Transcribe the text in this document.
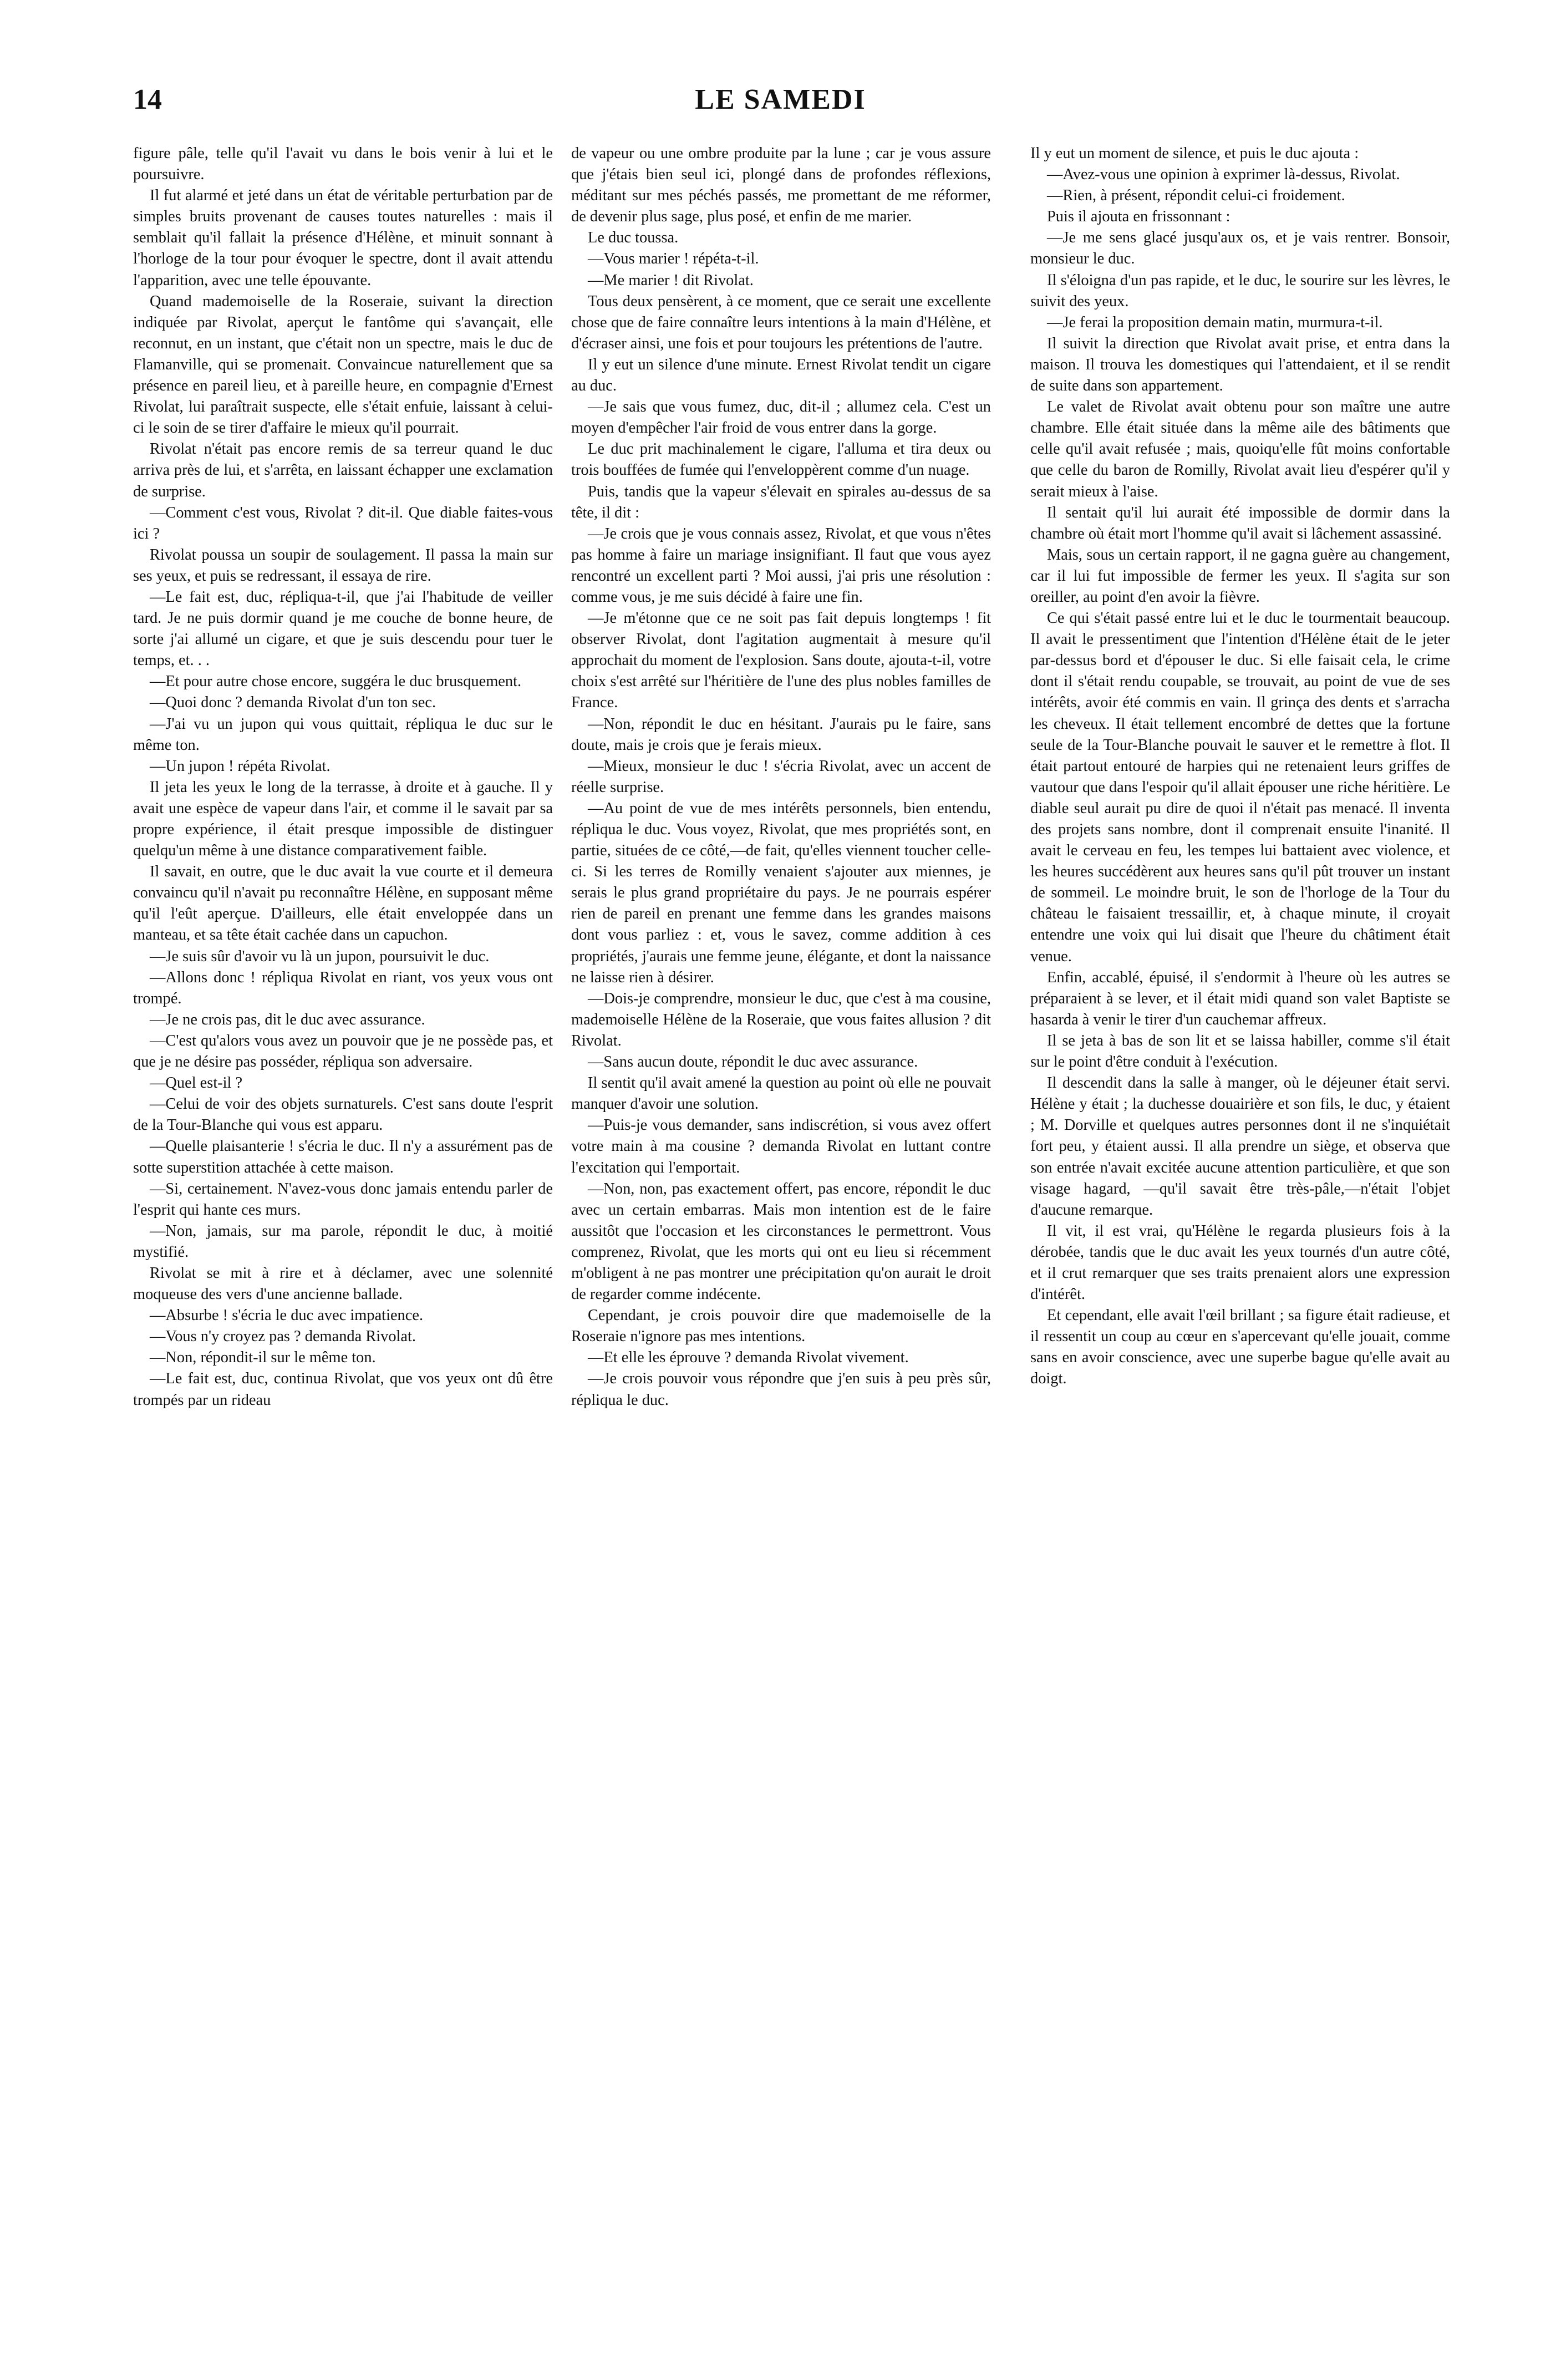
14	LE SAMEDI

figure pâle, telle qu'il l'avait vu dans le bois venir à lui et le poursuivre.

Il fut alarmé et jeté dans un état de véritable perturbation par de simples bruits provenant de causes toutes naturelles : mais il semblait qu'il fallait la présence d'Hélène, et minuit sonnant à l'horloge de la tour pour évoquer le spectre, dont il avait attendu l'apparition, avec une telle épouvante.

Quand mademoiselle de la Roseraie, suivant la direction indiquée par Rivolat, aperçut le fantôme qui s'avançait, elle reconnut, en un instant, que c'était non un spectre, mais le duc de Flamanville, qui se promenait. Convaincue naturellement que sa présence en pareil lieu, et à pareille heure, en compagnie d'Ernest Rivolat, lui paraîtrait suspecte, elle s'était enfuie, laissant à celui-ci le soin de se tirer d'affaire le mieux qu'il pourrait.

Rivolat n'était pas encore remis de sa terreur quand le duc arriva près de lui, et s'arrêta, en laissant échapper une exclamation de surprise.

—Comment c'est vous, Rivolat ? dit-il. Que diable faites-vous ici ?

Rivolat poussa un soupir de soulagement. Il passa la main sur ses yeux, et puis se redressant, il essaya de rire.

—Le fait est, duc, répliqua-t-il, que j'ai l'habitude de veiller tard. Je ne puis dormir quand je me couche de bonne heure, de sorte j'ai allumé un cigare, et que je suis descendu pour tuer le temps, et. . .

—Et pour autre chose encore, suggéra le duc brusquement.

—Quoi donc ? demanda Rivolat d'un ton sec.

—J'ai vu un jupon qui vous quittait, répliqua le duc sur le même ton.

—Un jupon ! répéta Rivolat.

Il jeta les yeux le long de la terrasse, à droite et à gauche. Il y avait une espèce de vapeur dans l'air, et comme il le savait par sa propre expérience, il était presque impossible de distinguer quelqu'un même à une distance comparativement faible.

Il savait, en outre, que le duc avait la vue courte et il demeura convaincu qu'il n'avait pu reconnaître Hélène, en supposant même qu'il l'eût aperçue. D'ailleurs, elle était enveloppée dans un manteau, et sa tête était cachée dans un capuchon.

—Je suis sûr d'avoir vu là un jupon, poursuivit le duc.

—Allons donc ! répliqua Rivolat en riant, vos yeux vous ont trompé.

—Je ne crois pas, dit le duc avec assurance.

—C'est qu'alors vous avez un pouvoir que je ne possède pas, et que je ne désire pas posséder, répliqua son adversaire.

—Quel est-il ?

—Celui de voir des objets surnaturels. C'est sans doute l'esprit de la Tour-Blanche qui vous est apparu.

—Quelle plaisanterie ! s'écria le duc. Il n'y a assurément pas de sotte superstition attachée à cette maison.

—Si, certainement. N'avez-vous donc jamais entendu parler de l'esprit qui hante ces murs.

—Non, jamais, sur ma parole, répondit le duc, à moitié mystifié.

Rivolat se mit à rire et à déclamer, avec une solennité moqueuse des vers d'une ancienne ballade.

—Absurbe ! s'écria le duc avec impatience.

—Vous n'y croyez pas ? demanda Rivolat.

—Non, répondit-il sur le même ton.

—Le fait est, duc, continua Rivolat, que vos yeux ont dû être trompés par un rideau

de vapeur ou une ombre produite par la lune ; car je vous assure que j'étais bien seul ici, plongé dans de profondes réflexions, méditant sur mes péchés passés, me promettant de me réformer, de devenir plus sage, plus posé, et enfin de me marier.

Le duc toussa.

—Vous marier ! répéta-t-il.

—Me marier ! dit Rivolat.

Tous deux pensèrent, à ce moment, que ce serait une excellente chose que de faire connaître leurs intentions à la main d'Hélène, et d'écraser ainsi, une fois et pour toujours les prétentions de l'autre.

Il y eut un silence d'une minute. Ernest Rivolat tendit un cigare au duc.

—Je sais que vous fumez, duc, dit-il ; allumez cela. C'est un moyen d'empêcher l'air froid de vous entrer dans la gorge.

Le duc prit machinalement le cigare, l'alluma et tira deux ou trois bouffées de fumée qui l'enveloppèrent comme d'un nuage.

Puis, tandis que la vapeur s'élevait en spirales au-dessus de sa tête, il dit :

—Je crois que je vous connais assez, Rivolat, et que vous n'êtes pas homme à faire un mariage insignifiant. Il faut que vous ayez rencontré un excellent parti ? Moi aussi, j'ai pris une résolution : comme vous, je me suis décidé à faire une fin.

—Je m'étonne que ce ne soit pas fait depuis longtemps ! fit observer Rivolat, dont l'agitation augmentait à mesure qu'il approchait du moment de l'explosion. Sans doute, ajouta-t-il, votre choix s'est arrêté sur l'héritière de l'une des plus nobles familles de France.

—Non, répondit le duc en hésitant. J'aurais pu le faire, sans doute, mais je crois que je ferais mieux.

—Mieux, monsieur le duc ! s'écria Rivolat, avec un accent de réelle surprise.

—Au point de vue de mes intérêts personnels, bien entendu, répliqua le duc. Vous voyez, Rivolat, que mes propriétés sont, en partie, situées de ce côté,—de fait, qu'elles viennent toucher celle-ci. Si les terres de Romilly venaient s'ajouter aux miennes, je serais le plus grand propriétaire du pays. Je ne pourrais espérer rien de pareil en prenant une femme dans les grandes maisons dont vous parliez : et, vous le savez, comme addition à ces propriétés, j'aurais une femme jeune, élégante, et dont la naissance ne laisse rien à désirer.

—Dois-je comprendre, monsieur le duc, que c'est à ma cousine, mademoiselle Hélène de la Roseraie, que vous faites allusion ? dit Rivolat.

—Sans aucun doute, répondit le duc avec assurance.

Il sentit qu'il avait amené la question au point où elle ne pouvait manquer d'avoir une solution.

—Puis-je vous demander, sans indiscrétion, si vous avez offert votre main à ma cousine ? demanda Rivolat en luttant contre l'excitation qui l'emportait.

—Non, non, pas exactement offert, pas encore, répondit le duc avec un certain embarras. Mais mon intention est de le faire aussitôt que l'occasion et les circonstances le permettront. Vous comprenez, Rivolat, que les morts qui ont eu lieu si récemment m'obligent à ne pas montrer une précipitation qu'on aurait le droit de regarder comme indécente.

Cependant, je crois pouvoir dire que mademoiselle de la Roseraie n'ignore pas mes intentions.

—Et elle les éprouve ? demanda Rivolat vivement.

—Je crois pouvoir vous répondre que j'en suis à peu près sûr, répliqua le duc.

Il y eut un moment de silence, et puis le duc ajouta :

—Avez-vous une opinion à exprimer là-dessus, Rivolat.

—Rien, à présent, répondit celui-ci froidement.

Puis il ajouta en frissonnant :

—Je me sens glacé jusqu'aux os, et je vais rentrer. Bonsoir, monsieur le duc.

Il s'éloigna d'un pas rapide, et le duc, le sourire sur les lèvres, le suivit des yeux.

—Je ferai la proposition demain matin, murmura-t-il.

Il suivit la direction que Rivolat avait prise, et entra dans la maison. Il trouva les domestiques qui l'attendaient, et il se rendit de suite dans son appartement.

Le valet de Rivolat avait obtenu pour son maître une autre chambre. Elle était située dans la même aile des bâtiments que celle qu'il avait refusée ; mais, quoiqu'elle fût moins confortable que celle du baron de Romilly, Rivolat avait lieu d'espérer qu'il y serait mieux à l'aise.

Il sentait qu'il lui aurait été impossible de dormir dans la chambre où était mort l'homme qu'il avait si lâchement assassiné.

Mais, sous un certain rapport, il ne gagna guère au changement, car il lui fut impossible de fermer les yeux. Il s'agita sur son oreiller, au point d'en avoir la fièvre.

Ce qui s'était passé entre lui et le duc le tourmentait beaucoup. Il avait le pressentiment que l'intention d'Hélène était de le jeter par-dessus bord et d'épouser le duc. Si elle faisait cela, le crime dont il s'était rendu coupable, se trouvait, au point de vue de ses intérêts, avoir été commis en vain. Il grinça des dents et s'arracha les cheveux. Il était tellement encombré de dettes que la fortune seule de la Tour-Blanche pouvait le sauver et le remettre à flot. Il était partout entouré de harpies qui ne retenaient leurs griffes de vautour que dans l'espoir qu'il allait épouser une riche héritière. Le diable seul aurait pu dire de quoi il n'était pas menacé. Il inventa des projets sans nombre, dont il comprenait ensuite l'inanité. Il avait le cerveau en feu, les tempes lui battaient avec violence, et les heures succédèrent aux heures sans qu'il pût trouver un instant de sommeil. Le moindre bruit, le son de l'horloge de la Tour du château le faisaient tressaillir, et, à chaque minute, il croyait entendre une voix qui lui disait que l'heure du châtiment était venue.

Enfin, accablé, épuisé, il s'endormit à l'heure où les autres se préparaient à se lever, et il était midi quand son valet Baptiste se hasarda à venir le tirer d'un cauchemar affreux.

Il se jeta à bas de son lit et se laissa habiller, comme s'il était sur le point d'être conduit à l'exécution.

Il descendit dans la salle à manger, où le déjeuner était servi. Hélène y était ; la duchesse douairière et son fils, le duc, y étaient ; M. Dorville et quelques autres personnes dont il ne s'inquiétait fort peu, y étaient aussi. Il alla prendre un siège, et observa que son entrée n'avait excitée aucune attention particulière, et que son visage hagard, —qu'il savait être très-pâle,—n'était l'objet d'aucune remarque.

Il vit, il est vrai, qu'Hélène le regarda plusieurs fois à la dérobée, tandis que le duc avait les yeux tournés d'un autre côté, et il crut remarquer que ses traits prenaient alors une expression d'intérêt.

Et cependant, elle avait l'œil brillant ; sa figure était radieuse, et il ressentit un coup au cœur en s'apercevant qu'elle jouait, comme sans en avoir conscience, avec une superbe bague qu'elle avait au doigt.
